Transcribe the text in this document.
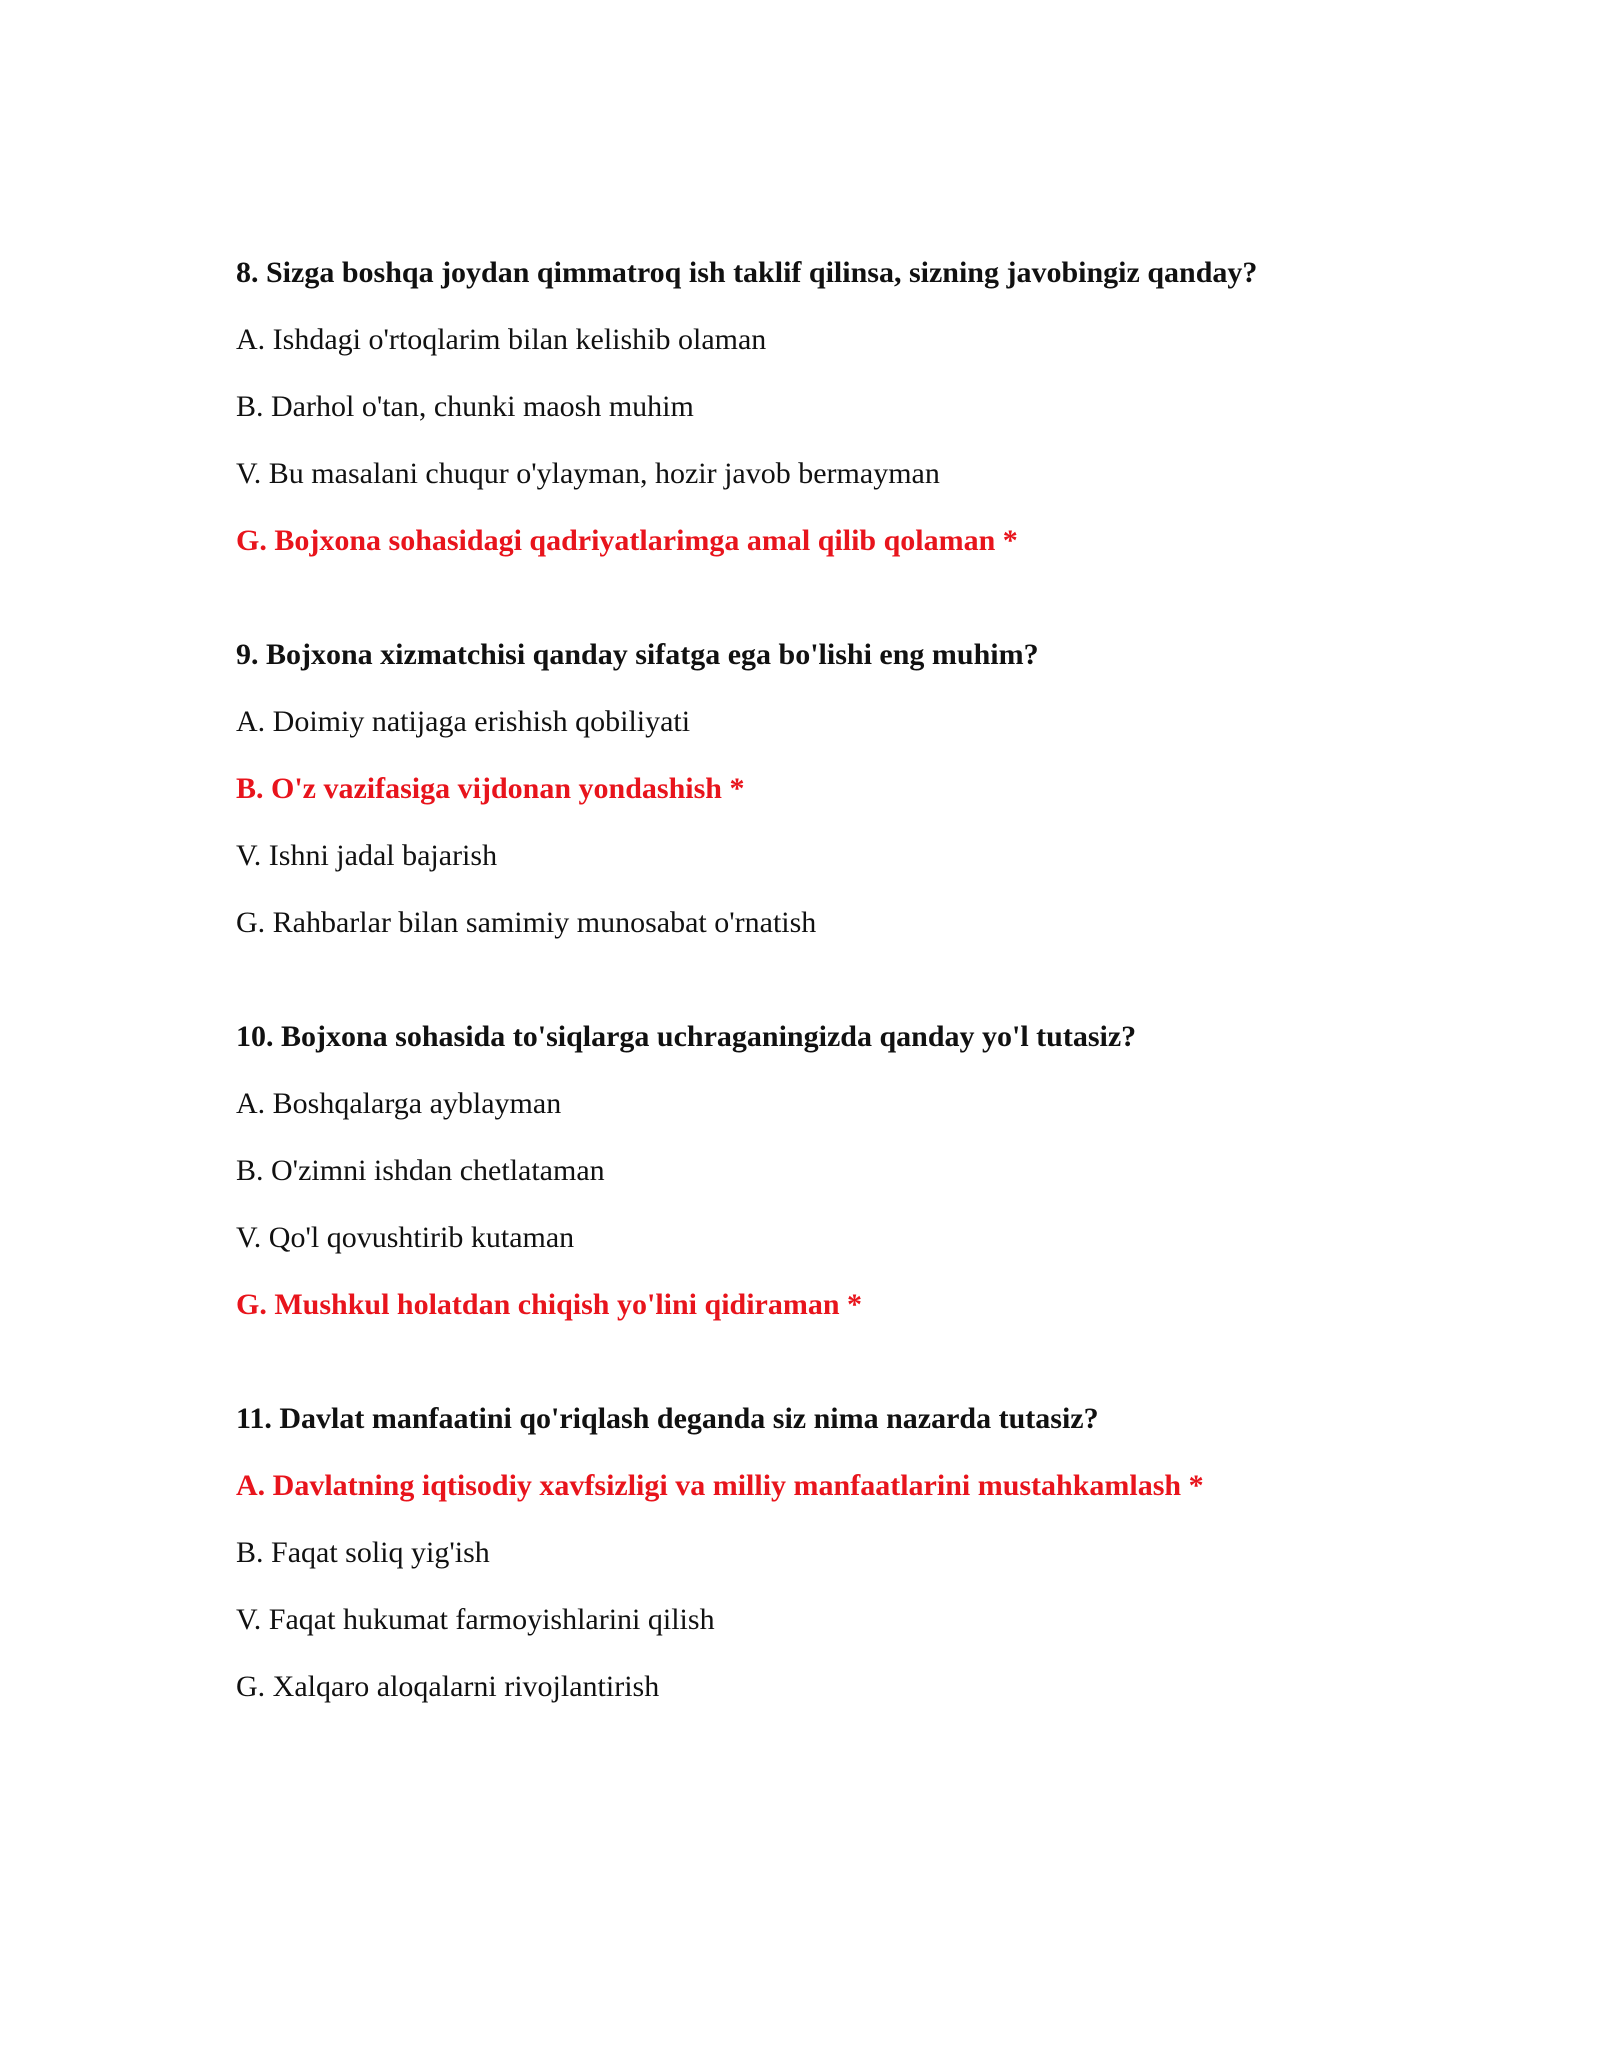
8. Sizga boshqa joydan qimmatroq ish taklif qilinsa, sizning javobingiz qanday?
A. Ishdagi o'rtoqlarim bilan kelishib olaman
B. Darhol o'tan, chunki maosh muhim
V. Bu masalani chuqur o'ylayman, hozir javob bermayman
G. Bojxona sohasidagi qadriyatlarimga amal qilib qolaman *
9. Bojxona xizmatchisi qanday sifatga ega bo'lishi eng muhim?
A. Doimiy natijaga erishish qobiliyati
B. O'z vazifasiga vijdonan yondashish *
V. Ishni jadal bajarish
G. Rahbarlar bilan samimiy munosabat o'rnatish
10. Bojxona sohasida to'siqlarga uchraganingizda qanday yo'l tutasiz?
A. Boshqalarga ayblayman
B. O'zimni ishdan chetlataman
V. Qo'l qovushtirib kutaman
G. Mushkul holatdan chiqish yo'lini qidiraman *
11. Davlat manfaatini qo'riqlash deganda siz nima nazarda tutasiz?
A. Davlatning iqtisodiy xavfsizligi va milliy manfaatlarini mustahkamlash *
B. Faqat soliq yig'ish
V. Faqat hukumat farmoyishlarini qilish
G. Xalqaro aloqalarni rivojlantirish
